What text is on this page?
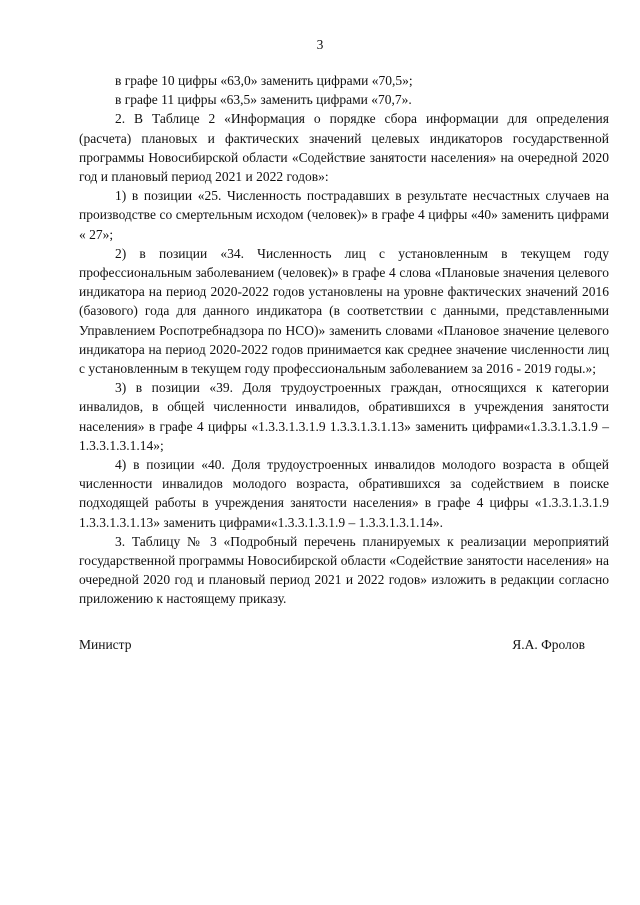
3

в графе 10 цифры «63,0» заменить цифрами «70,5»;

в графе 11 цифры «63,5» заменить цифрами «70,7».

2. В Таблице 2 «Информация о порядке сбора информации для определения (расчета) плановых и фактических значений целевых индикаторов государственной программы Новосибирской области «Содействие занятости населения» на очередной 2020 год и плановый период 2021 и 2022 годов»:

1) в позиции «25. Численность пострадавших в результате несчастных случаев на производстве со смертельным исходом (человек)» в графе 4 цифры «40» заменить цифрами « 27»;

2) в позиции «34. Численность лиц с установленным в текущем году профессиональным заболеванием (человек)» в графе 4 слова «Плановые значения целевого индикатора на период 2020-2022 годов установлены на уровне фактических значений 2016 (базового) года для данного индикатора (в соответствии с данными, представленными Управлением Роспотребнадзора по НСО)» заменить словами «Плановое значение целевого индикатора на период 2020-2022 годов принимается как среднее значение численности лиц с установленным в текущем году профессиональным заболеванием за 2016 - 2019 годы.»;

3) в позиции «39. Доля трудоустроенных граждан, относящихся к категории инвалидов, в общей численности инвалидов, обратившихся в учреждения занятости населения» в графе 4 цифры «1.3.3.1.3.1.9 1.3.3.1.3.1.13» заменить цифрами«1.3.3.1.3.1.9 – 1.3.3.1.3.1.14»;

4) в позиции «40. Доля трудоустроенных инвалидов молодого возраста в общей численности инвалидов молодого возраста, обратившихся за содействием в поиске подходящей работы в учреждения занятости населения» в графе 4 цифры «1.3.3.1.3.1.9 1.3.3.1.3.1.13» заменить цифрами«1.3.3.1.3.1.9 – 1.3.3.1.3.1.14».

3. Таблицу № 3 «Подробный перечень планируемых к реализации мероприятий государственной программы Новосибирской области «Содействие занятости населения» на очередной 2020 год и плановый период 2021 и 2022 годов» изложить в редакции согласно приложению к настоящему приказу.

Министр	Я.А. Фролов
